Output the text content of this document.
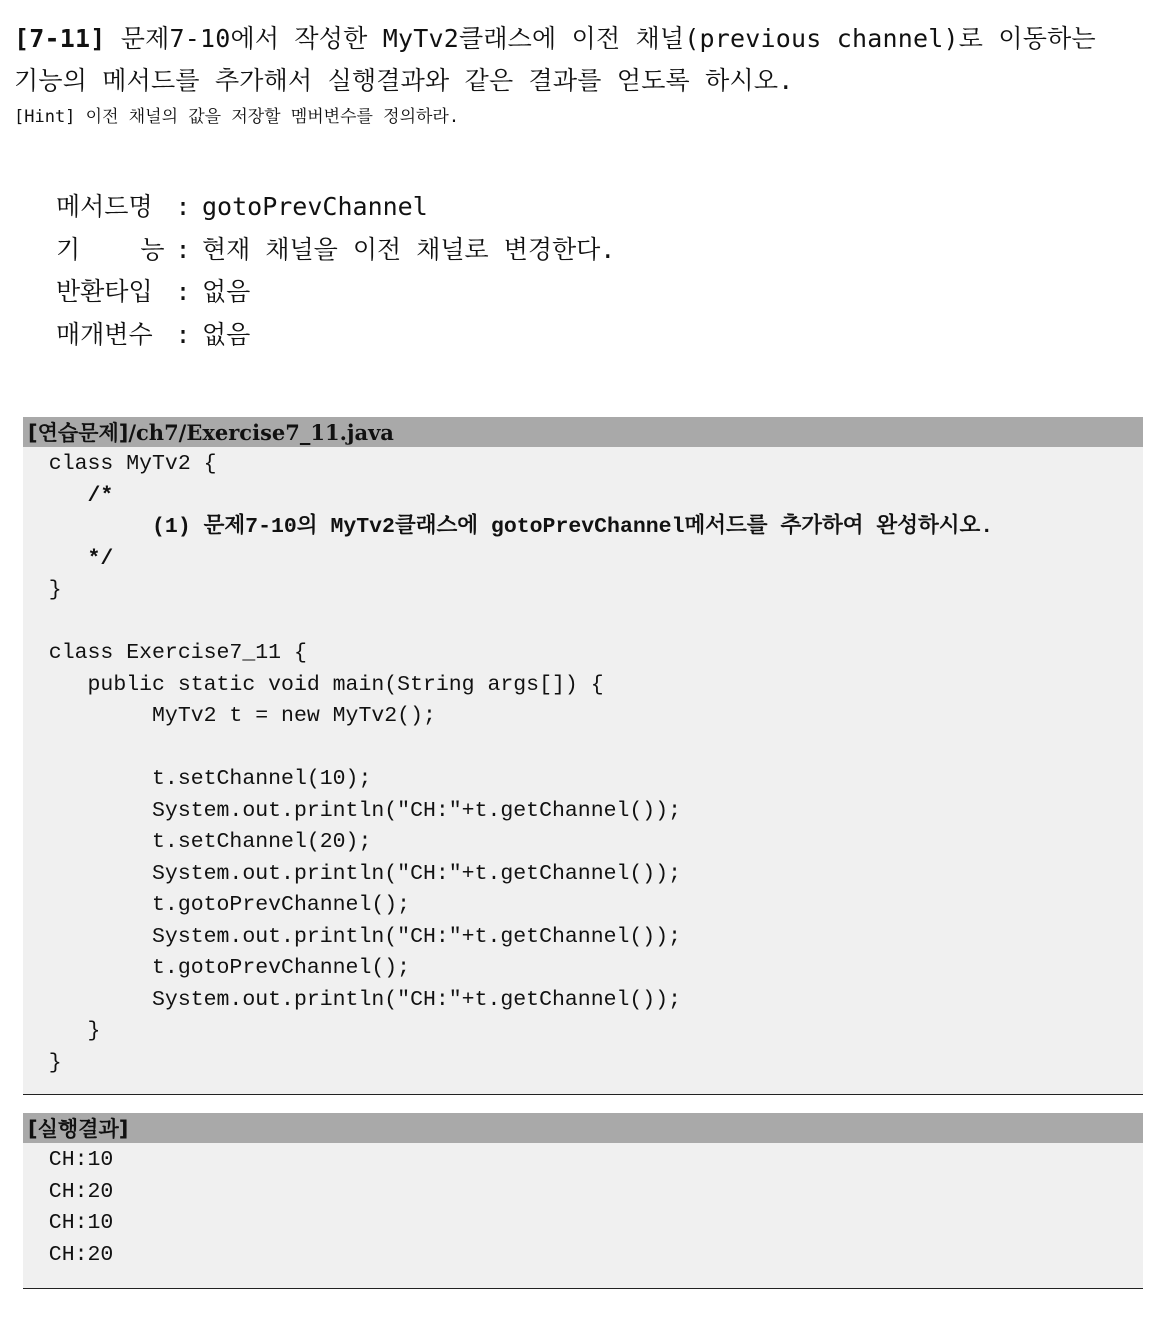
[7-11] 문제7-10에서 작성한 MyTv2클래스에 이전 채널(previous channel)로 이동하는
기능의 메서드를 추가해서 실행결과와 같은 결과를 얻도록 하시오.
[Hint] 이전 채널의 값을 저장할 멤버변수를 정의하라.
메서드명 : gotoPrevChannel
기    능 : 현재 채널을 이전 채널로 변경한다.
반환타입 : 없음
매개변수 : 없음
[연습문제]/ch7/Exercise7_11.java
class MyTv2 {
/*
(1) 문제7-10의 MyTv2클래스에 gotoPrevChannel메서드를 추가하여 완성하시오.
*/
}
class Exercise7_11 {
public static void main(String args[]) {
MyTv2 t = new MyTv2();
t.setChannel(10);
System.out.println("CH:"+t.getChannel());
t.setChannel(20);
System.out.println("CH:"+t.getChannel());
t.gotoPrevChannel();
System.out.println("CH:"+t.getChannel());
t.gotoPrevChannel();
System.out.println("CH:"+t.getChannel());
}
}
[실행결과]
CH:10
CH:20
CH:10
CH:20
